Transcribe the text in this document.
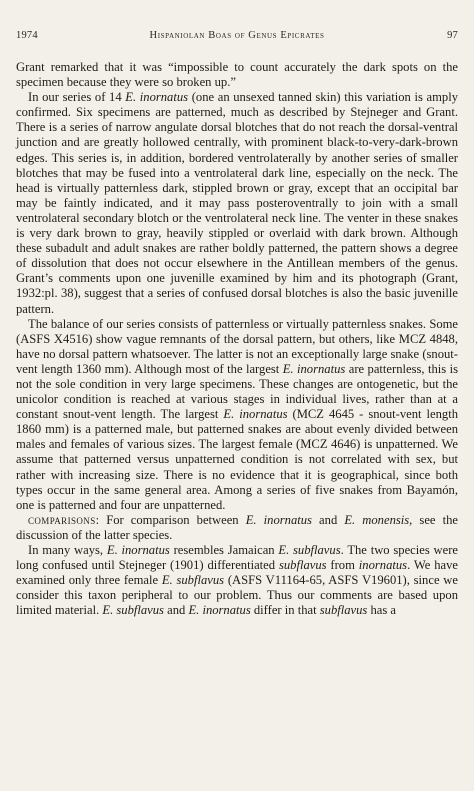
1974	Hispaniolan Boas of Genus Epicrates	97

Grant remarked that it was “impossible to count accurately the dark spots on the specimen because they were so broken up.”

In our series of 14 E. inornatus (one an unsexed tanned skin) this variation is amply confirmed. Six specimens are patterned, much as described by Stejneger and Grant. There is a series of narrow angulate dorsal blotches that do not reach the dorsal-ventral junction and are greatly hollowed centrally, with prominent black-to-very-dark-brown edges. This series is, in addition, bordered ventrolaterally by another series of smaller blotches that may be fused into a ventrolateral dark line, especially on the neck. The head is virtually patternless dark, stippled brown or gray, except that an occipital bar may be faintly indicated, and it may pass posteroventrally to join with a small ventrolateral secondary blotch or the ventrolateral neck line. The venter in these snakes is very dark brown to gray, heavily stippled or overlaid with dark brown. Although these subadult and adult snakes are rather boldly patterned, the pattern shows a degree of dissolution that does not occur elsewhere in the Antillean members of the genus. Grant’s comments upon one juvenille examined by him and its photograph (Grant, 1932:pl. 38), suggest that a series of confused dorsal blotches is also the basic juvenille pattern.

The balance of our series consists of patternless or virtually patternless snakes. Some (ASFS X4516) show vague remnants of the dorsal pattern, but others, like MCZ 4848, have no dorsal pattern whatsoever. The latter is not an exceptionally large snake (snout-vent length 1360 mm). Although most of the largest E. inornatus are patternless, this is not the sole condition in very large specimens. These changes are ontogenetic, but the unicolor condition is reached at various stages in individual lives, rather than at a constant snout-vent length. The largest E. inornatus (MCZ 4645 - snout-vent length 1860 mm) is a patterned male, but patterned snakes are about evenly divided between males and females of various sizes. The largest female (MCZ 4646) is unpatterned. We assume that patterned versus unpatterned condition is not correlated with sex, but rather with increasing size. There is no evidence that it is geographical, since both types occur in the same general area. Among a series of five snakes from Bayamón, one is patterned and four are unpatterned.

comparisons: For comparison between E. inornatus and E. monensis, see the discussion of the latter species.

In many ways, E. inornatus resembles Jamaican E. subflavus. The two species were long confused until Stejneger (1901) differentiated subflavus from inornatus. We have examined only three female E. subflavus (ASFS V11164-65, ASFS V19601), since we consider this taxon peripheral to our problem. Thus our comments are based upon limited material. E. subflavus and E. inornatus differ in that subflavus has a
